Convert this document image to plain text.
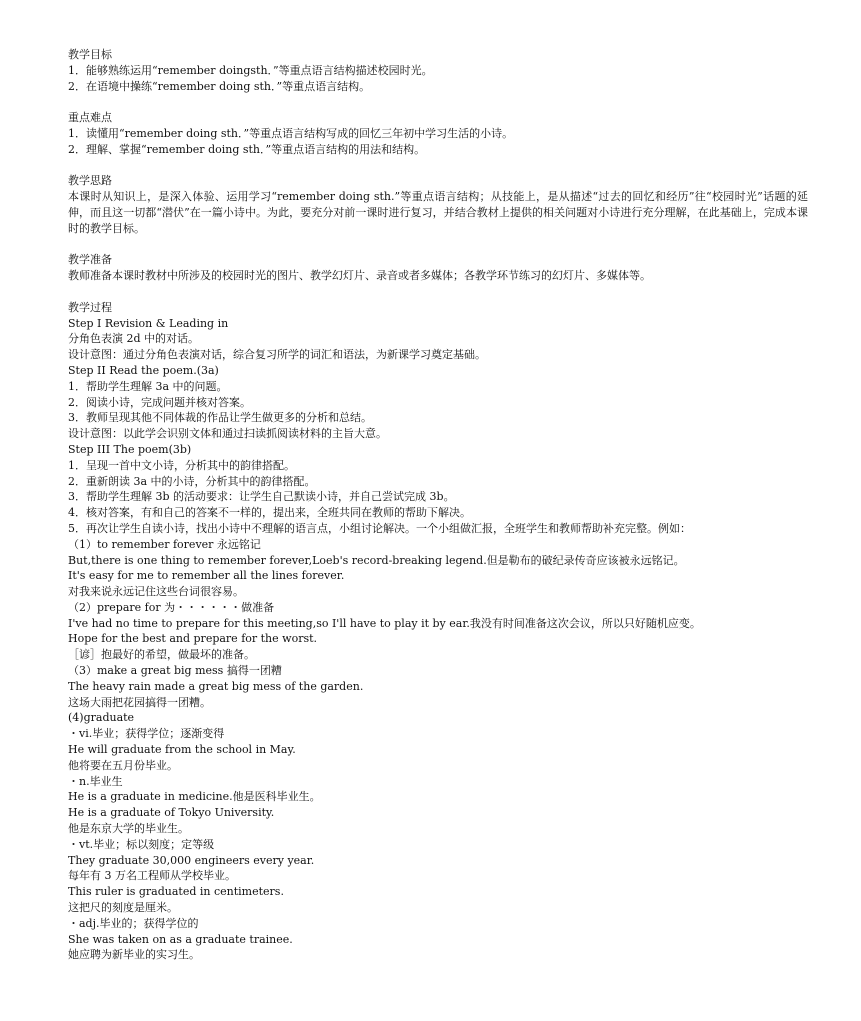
教学目标
1．能够熟练运用“remember doingsth．”等重点语言结构描述校园时光。
2．在语境中操练“remember doing sth．”等重点语言结构。
重点难点
1．读懂用“remember doing sth．”等重点语言结构写成的回忆三年初中学习生活的小诗。
2．理解、掌握“remember doing sth．”等重点语言结构的用法和结构。
教学思路
本课时从知识上，是深入体验、运用学习“remember doing sth.”等重点语言结构；从技能上，是从描述“过去的回忆和经历”往“校园时光”话题的延伸，而且这一切都“潜伏”在一篇小诗中。为此，要充分对前一课时进行复习，并结合教材上提供的相关问题对小诗进行充分理解，在此基础上，完成本课时的教学目标。
教学准备
教师准备本课时教材中所涉及的校园时光的图片、教学幻灯片、录音或者多媒体；各教学环节练习的幻灯片、多媒体等。
教学过程
Step I Revision & Leading in
分角色表演 2d 中的对话。
设计意图：通过分角色表演对话，综合复习所学的词汇和语法，为新课学习奠定基础。
Step II Read the poem.(3a)
1．帮助学生理解 3a 中的问题。
2．阅读小诗，完成问题并核对答案。
3．教师呈现其他不同体裁的作品让学生做更多的分析和总结。
设计意图：以此学会识别文体和通过扫读抓阅读材料的主旨大意。
Step III The poem(3b)
1．呈现一首中文小诗，分析其中的韵律搭配。
2．重新朗读 3a 中的小诗，分析其中的韵律搭配。
3．帮助学生理解 3b 的活动要求：让学生自己默读小诗，并自己尝试完成 3b。
4．核对答案，有和自己的答案不一样的，提出来，全班共同在教师的帮助下解决。
5．再次让学生自读小诗，找出小诗中不理解的语言点，小组讨论解决。一个小组做汇报，全班学生和教师帮助补充完整。例如：
（1）to remember forever 永远铭记
But,there is one thing to remember forever,Loeb's record-breaking legend.但是勒布的破纪录传奇应该被永远铭记。
It's easy for me to remember all the lines forever.
对我来说永远记住这些台词很容易。
（2）prepare for 为・・・・・・做准备
I've had no time to prepare for this meeting,so I'll have to play it by ear.我没有时间准备这次会议，所以只好随机应变。
Hope for the best and prepare for the worst.
［谚］抱最好的希望，做最坏的准备。
（3）make a great big mess 搞得一团糟
The heavy rain made a great big mess of the garden.
这场大雨把花园搞得一团糟。
(4)graduate
・vi.毕业；获得学位；逐渐变得
He will graduate from the school in May.
他将要在五月份毕业。
・n.毕业生
He is a graduate in medicine.他是医科毕业生。
He is a graduate of Tokyo University.
他是东京大学的毕业生。
・vt.毕业；标以刻度；定等级
They graduate 30,000 engineers every year.
每年有 3 万名工程师从学校毕业。
This ruler is graduated in centimeters.
这把尺的刻度是厘米。
・adj.毕业的；获得学位的
She was taken on as a graduate trainee.
她应聘为新毕业的实习生。
